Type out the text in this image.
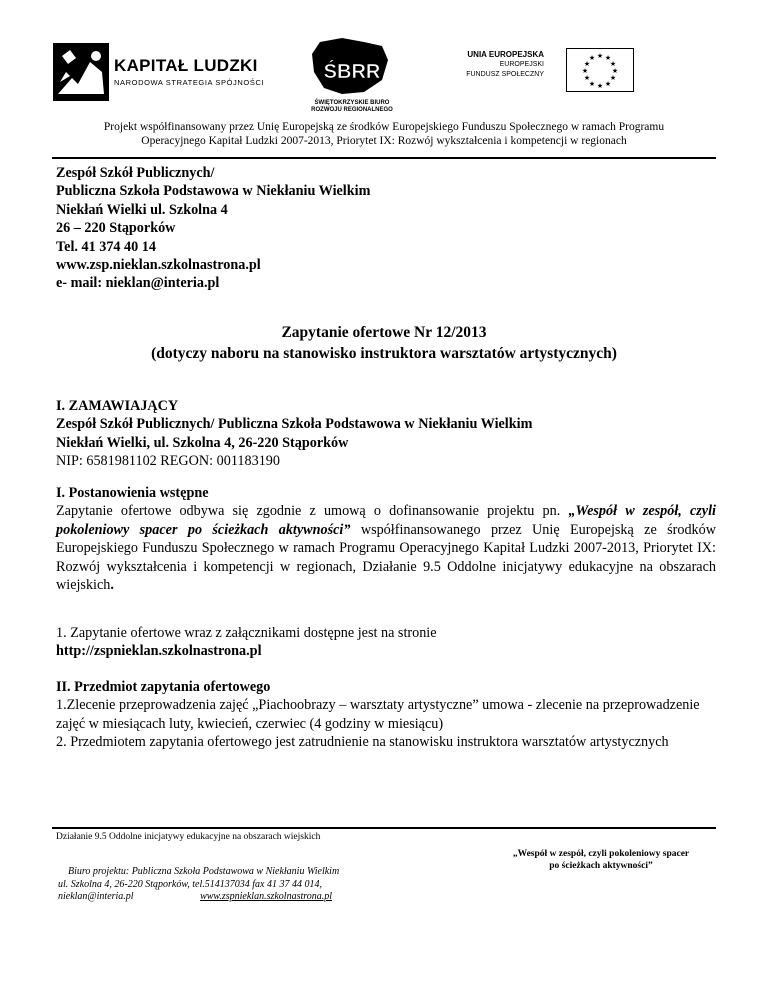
KAPITAŁ LUDZKI
NARODOWA STRATEGIA SPÓJNOŚCI	ŚBRR
ŚWIĘTOKRZYSKIE BIURO
ROZWOJU REGIONALNEGO
UNIA EUROPEJSKA
EUROPEJSKI
FUNDUSZ SPOŁECZNY
★ ★
★
★
★
★
★
★
★
★
★
★
Projekt współfinansowany przez Unię Europejską ze środków Europejskiego Funduszu Społecznego w ramach Programu
Operacyjnego Kapitał Ludzki 2007-2013, Priorytet IX: Rozwój wykształcenia i kompetencji w regionach

Zespół Szkół Publicznych/

Publiczna Szkoła Podstawowa w Niekłaniu Wielkim

Niekłań Wielki ul. Szkolna 4

26 – 220 Stąporków

Tel. 41 374 40 14

www.zsp.nieklan.szkolnastrona.pl

e- mail: nieklan@interia.pl

Zapytanie ofertowe Nr 12/2013
(dotyczy naboru na stanowisko instruktora warsztatów artystycznych)

I. ZAMAWIAJĄCY

Zespół Szkół Publicznych/ Publiczna Szkoła Podstawowa w Niekłaniu Wielkim

Niekłań Wielki, ul. Szkolna 4, 26-220 Stąporków

NIP: 6581981102 REGON: 001183190

I. Postanowienia wstępne

Zapytanie ofertowe odbywa się zgodnie z umową o dofinansowanie projektu pn. „Wespół w zespół, czyli pokoleniowy spacer po ścieżkach aktywności” współfinansowanego przez Unię Europejską ze środków Europejskiego Funduszu Społecznego w ramach Programu Operacyjnego Kapitał Ludzki 2007-2013, Priorytet IX: Rozwój wykształcenia i kompetencji w regionach, Działanie 9.5 Oddolne inicjatywy edukacyjne na obszarach wiejskich.

1. Zapytanie ofertowe wraz z załącznikami dostępne jest na stronie

http://zspnieklan.szkolnastrona.pl

II. Przedmiot zapytania ofertowego

1.Zlecenie przeprowadzenia zajęć „Piachoobrazy – warsztaty artystyczne” umowa - zlecenie na przeprowadzenie zajęć w miesiącach luty, kwiecień, czerwiec (4 godziny w miesiącu)

2. Przedmiotem zapytania ofertowego jest zatrudnienie na stanowisku instruktora warsztatów artystycznych

Działanie 9.5 Oddolne inicjatywy edukacyjne na obszarach wiejskich
„Wespół w zespół, czyli pokoleniowy spacer
po ścieżkach aktywności”
Biuro projektu: Publiczna Szkoła Podstawowa w Niekłaniu Wielkim
ul. Szkolna 4, 26-220 Stąporków, tel.514137034 fax 41 37 44 014,
nieklan@interia.pl	www.zspnieklan.szkolnastrona.pl
